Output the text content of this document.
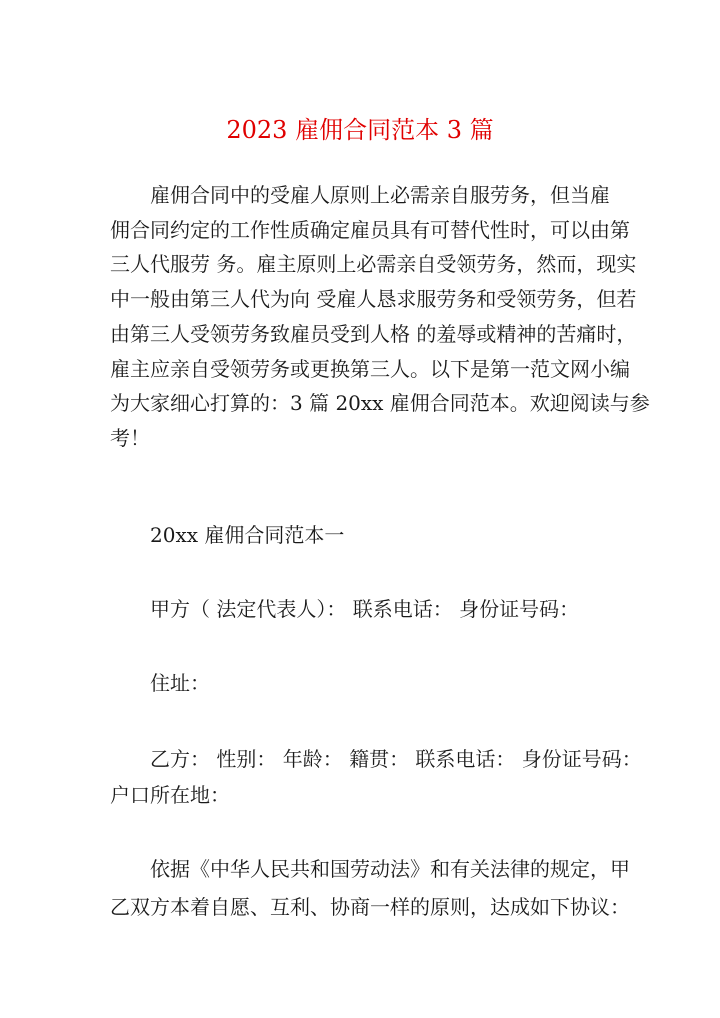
2023 雇佣合同范本 3 篇
雇佣合同中的受雇人原则上必需亲自服劳务，但当雇
佣合同约定的工作性质确定雇员具有可替代性时，可以由第
三人代服劳 务。雇主原则上必需亲自受领劳务，然而，现实
中一般由第三人代为向 受雇人恳求服劳务和受领劳务，但若
由第三人受领劳务致雇员受到人格 的羞辱或精神的苦痛时，
雇主应亲自受领劳务或更换第三人。以下是第一范文网小编
为大家细心打算的：3 篇 20xx 雇佣合同范本。欢迎阅读与参
考！
20xx 雇佣合同范本一
甲方（ 法定代表人）： 联系电话： 身份证号码：
住址：
乙方： 性别： 年龄： 籍贯： 联系电话： 身份证号码：
户口所在地：
依据《中华人民共和国劳动法》和有关法律的规定，甲
乙双方本着自愿、互利、协商一样的原则，达成如下协议：
